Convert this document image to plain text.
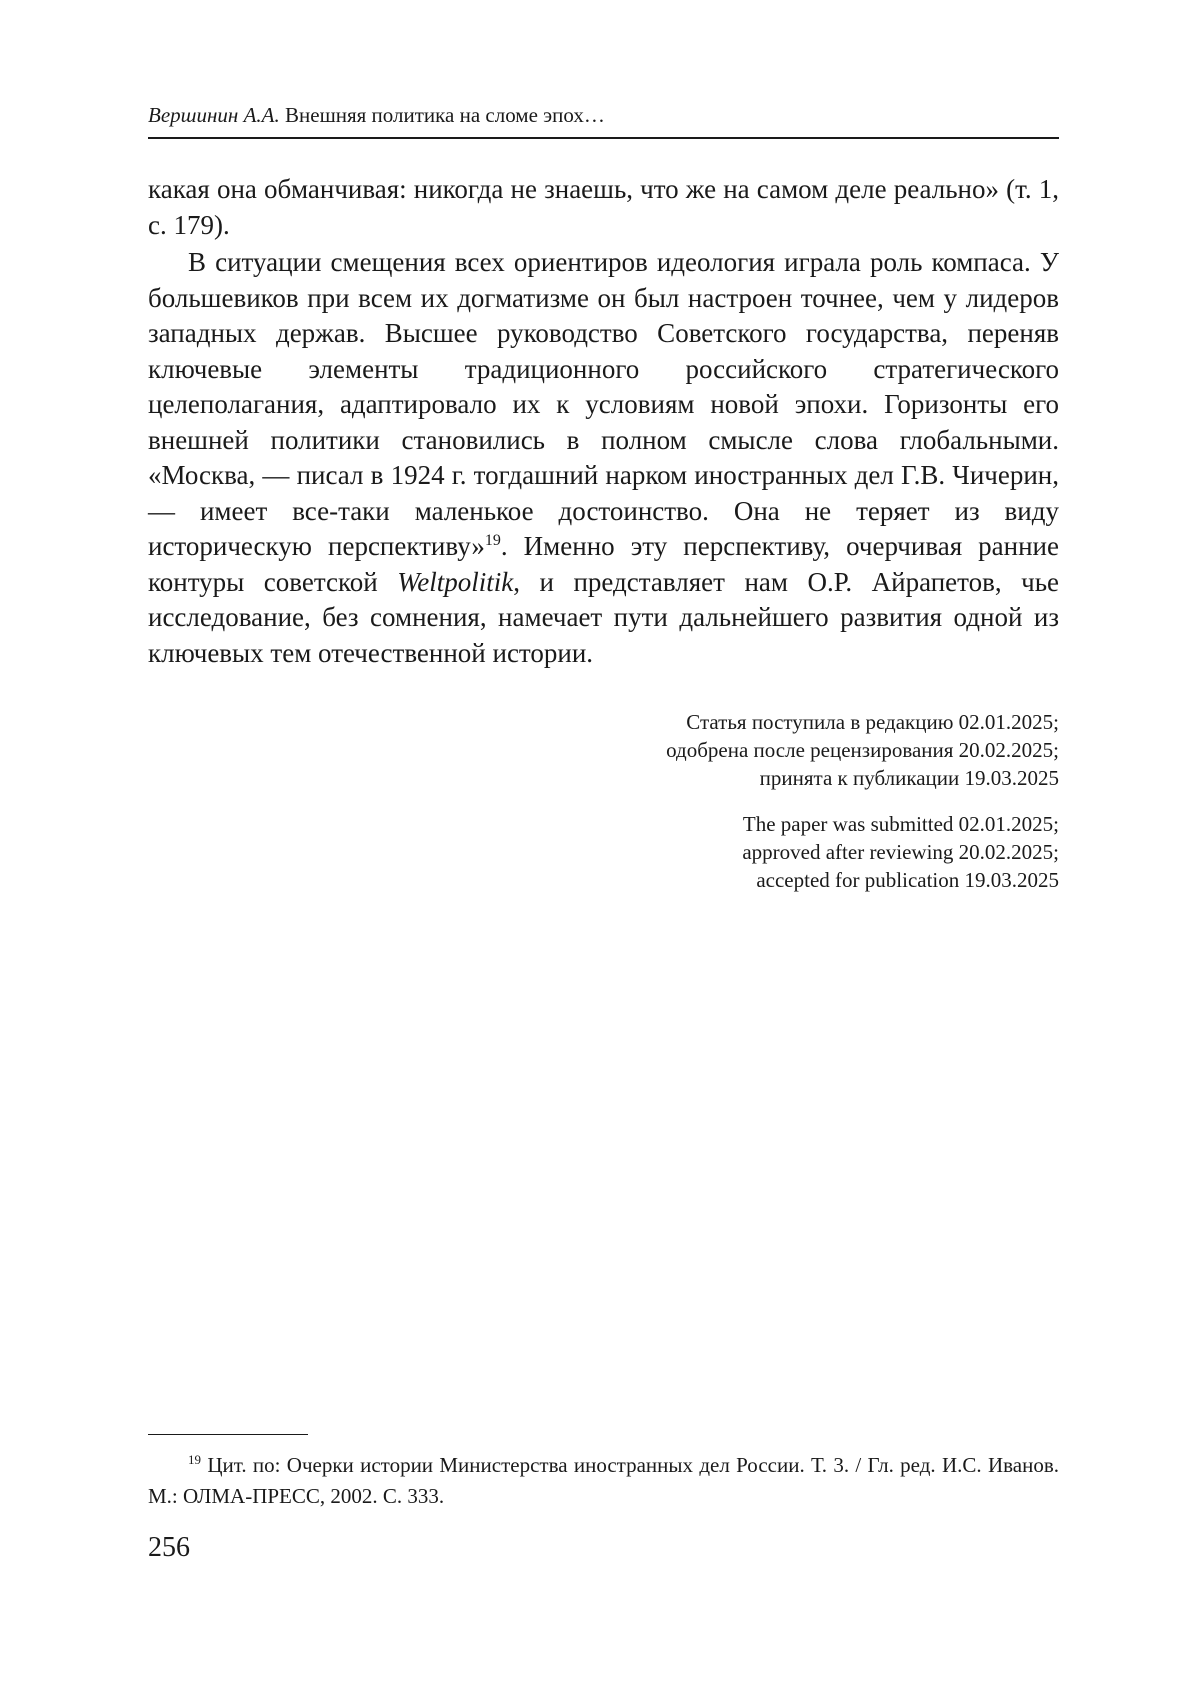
Вершинин А.А. Внешняя политика на сломе эпох…

какая она обманчивая: никогда не знаешь, что же на самом деле реально» (т. 1, с. 179).

В ситуации смещения всех ориентиров идеология играла роль компаса. У большевиков при всем их догматизме он был настроен точнее, чем у лидеров западных держав. Высшее руководство Советского государства, переняв ключевые элементы традиционного российского стратегического целеполагания, адаптировало их к условиям новой эпохи. Горизонты его внешней политики становились в полном смысле слова глобальными. «Москва, — писал в 1924 г. тогдашний нарком иностранных дел Г.В. Чичерин, — имеет все-таки маленькое достоинство. Она не теряет из виду историческую перспективу»$^{19}$. Именно эту перспективу, очерчивая ранние контуры советской Weltpolitik, и представляет нам О.Р. Айрапетов, чье исследование, без сомнения, намечает пути дальнейшего развития одной из ключевых тем отечественной истории.

Статья поступила в редакцию 02.01.2025;
одобрена после рецензирования 20.02.2025;
принята к публикации 19.03.2025
The paper was submitted 02.01.2025;
approved after reviewing 20.02.2025;
accepted for publication 19.03.2025
$^{19}$ Цит. по: Очерки истории Министерства иностранных дел России. Т. 3. / Гл. ред. И.С. Иванов. М.: ОЛМА-ПРЕСС, 2002. С. 333.
256
